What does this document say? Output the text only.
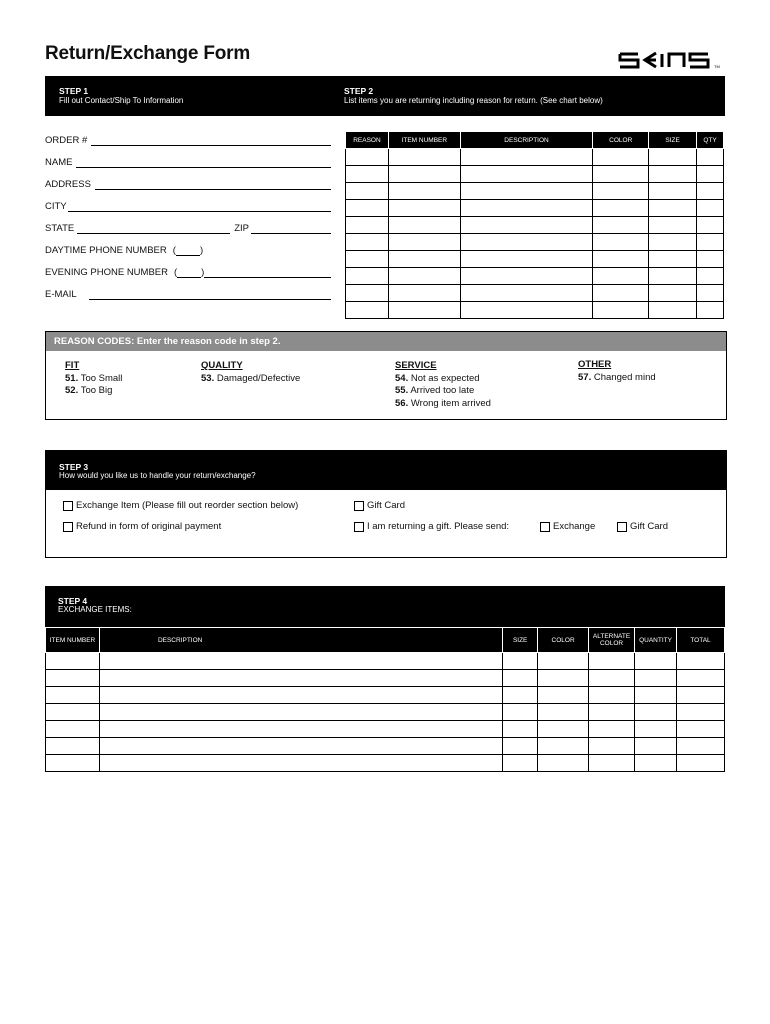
Return/Exchange Form
TM
STEP 1
Fill out Contact/Ship To Information
STEP 2
List items you are returning including reason for return. (See chart below)
ORDER #
NAME
ADDRESS
CITY
STATE	ZIP
DAYTIME PHONE NUMBER (	)
EVENING PHONE NUMBER (	)
E-MAIL
REASON	ITEM NUMBER	DESCRIPTION	COLOR	SIZE	QTY

REASON CODES: Enter the reason code in step 2.
FIT
51. Too Small
52. Too Big
QUALITY
53. Damaged/Defective
SERVICE
54. Not as expected
55. Arrived too late
56. Wrong item arrived
OTHER
57. Changed mind
STEP 3
How would you like us to handle your return/exchange?
Exchange Item (Please fill out reorder section below)	Gift Card
Refund in form of original payment	I am returning a gift. Please send:	Exchange	Gift Card
STEP 4
EXCHANGE ITEMS:
ITEM NUMBER	DESCRIPTION	SIZE	COLOR	ALTERNATE COLOR	QUANTITY	TOTAL
